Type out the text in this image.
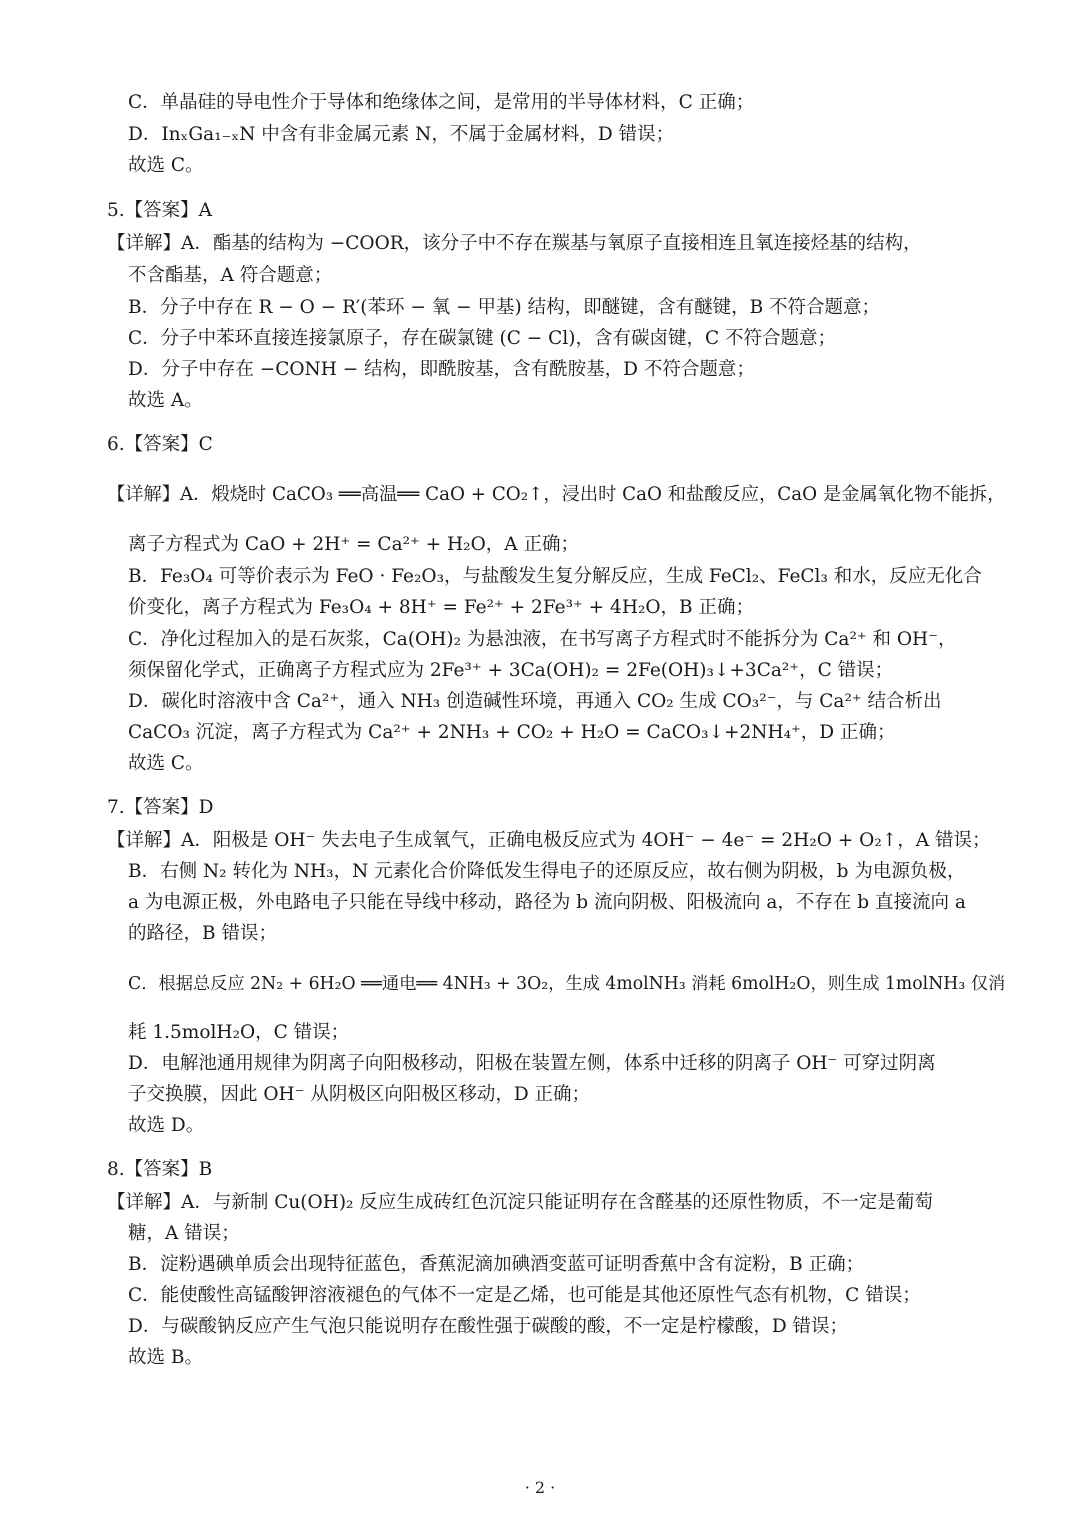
C．单晶硅的导电性介于导体和绝缘体之间，是常用的半导体材料，C 正确；
D．InₓGa₁₋ₓN 中含有非金属元素 N，不属于金属材料，D 错误；
故选 C。
5.【答案】A
【详解】A．酯基的结构为 −COOR，该分子中不存在羰基与氧原子直接相连且氧连接烃基的结构，
不含酯基，A 符合题意；
B．分子中存在 R − O − R′(苯环 − 氧 − 甲基) 结构，即醚键，含有醚键，B 不符合题意；
C．分子中苯环直接连接氯原子，存在碳氯键 (C − Cl)，含有碳卤键，C 不符合题意；
D．分子中存在 −CONH − 结构，即酰胺基，含有酰胺基，D 不符合题意；
故选 A。
6.【答案】C
【详解】A．煅烧时 CaCO₃ ══高温══ CaO + CO₂↑，浸出时 CaO 和盐酸反应，CaO 是金属氧化物不能拆，
离子方程式为 CaO + 2H⁺ = Ca²⁺ + H₂O，A 正确；
B．Fe₃O₄ 可等价表示为 FeO · Fe₂O₃，与盐酸发生复分解反应，生成 FeCl₂、FeCl₃ 和水，反应无化合
价变化，离子方程式为 Fe₃O₄ + 8H⁺ = Fe²⁺ + 2Fe³⁺ + 4H₂O，B 正确；
C．净化过程加入的是石灰浆，Ca(OH)₂ 为悬浊液，在书写离子方程式时不能拆分为 Ca²⁺ 和 OH⁻，
须保留化学式，正确离子方程式应为 2Fe³⁺ + 3Ca(OH)₂ = 2Fe(OH)₃↓+3Ca²⁺，C 错误；
D．碳化时溶液中含 Ca²⁺，通入 NH₃ 创造碱性环境，再通入 CO₂ 生成 CO₃²⁻，与 Ca²⁺ 结合析出
CaCO₃ 沉淀，离子方程式为 Ca²⁺ + 2NH₃ + CO₂ + H₂O = CaCO₃↓+2NH₄⁺，D 正确；
故选 C。
7.【答案】D
【详解】A．阳极是 OH⁻ 失去电子生成氧气，正确电极反应式为 4OH⁻ − 4e⁻ = 2H₂O + O₂↑，A 错误；
B．右侧 N₂ 转化为 NH₃，N 元素化合价降低发生得电子的还原反应，故右侧为阴极，b 为电源负极，
a 为电源正极，外电路电子只能在导线中移动，路径为 b 流向阴极、阳极流向 a，不存在 b 直接流向 a
的路径，B 错误；
C．根据总反应 2N₂ + 6H₂O ══通电══ 4NH₃ + 3O₂，生成 4molNH₃ 消耗 6molH₂O，则生成 1molNH₃ 仅消
耗 1.5molH₂O，C 错误；
D．电解池通用规律为阴离子向阳极移动，阳极在装置左侧，体系中迁移的阴离子 OH⁻ 可穿过阴离
子交换膜，因此 OH⁻ 从阴极区向阳极区移动，D 正确；
故选 D。
8.【答案】B
【详解】A．与新制 Cu(OH)₂ 反应生成砖红色沉淀只能证明存在含醛基的还原性物质，不一定是葡萄
糖，A 错误；
B．淀粉遇碘单质会出现特征蓝色，香蕉泥滴加碘酒变蓝可证明香蕉中含有淀粉，B 正确；
C．能使酸性高锰酸钾溶液褪色的气体不一定是乙烯，也可能是其他还原性气态有机物，C 错误；
D．与碳酸钠反应产生气泡只能说明存在酸性强于碳酸的酸，不一定是柠檬酸，D 错误；
故选 B。
· 2 ·
